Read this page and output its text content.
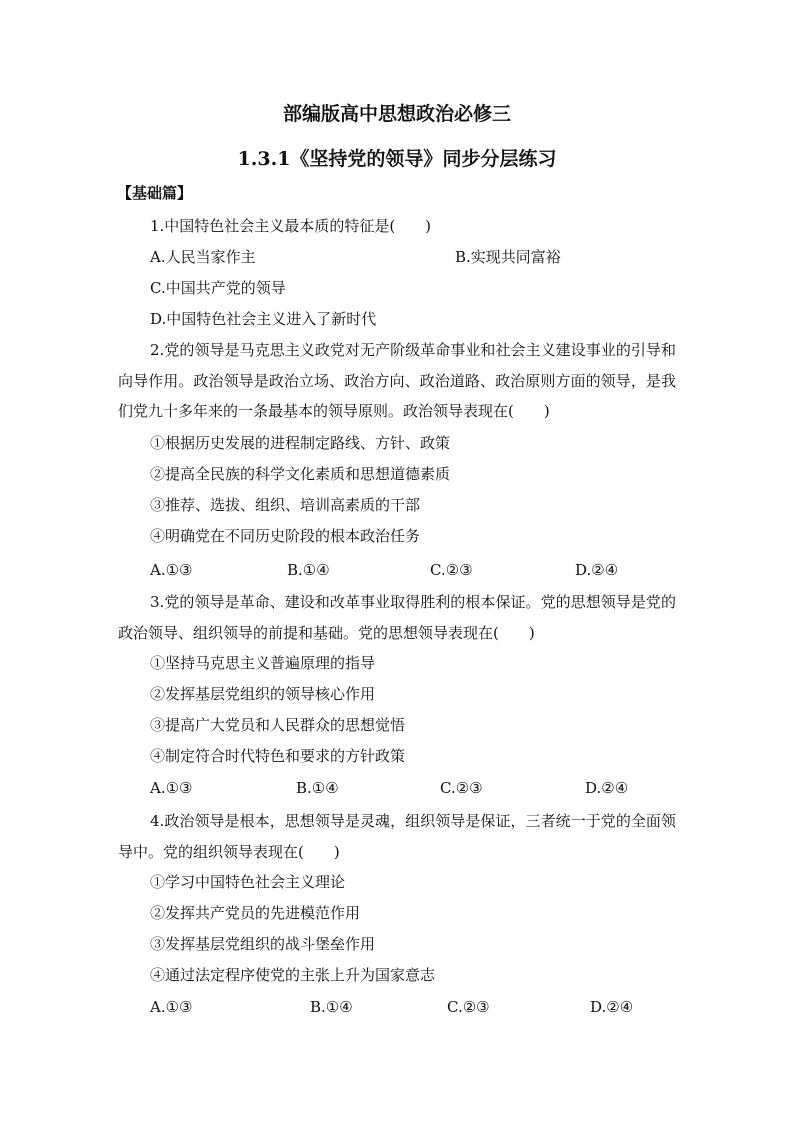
部编版高中思想政治必修三
1.3.1《坚持党的领导》同步分层练习
【基础篇】
1.中国特色社会主义最本质的特征是(　　)
A.人民当家作主	B.实现共同富裕
C.中国共产党的领导
D.中国特色社会主义进入了新时代
2.党的领导是马克思主义政党对无产阶级革命事业和社会主义建设事业的引导和向导作用。政治领导是政治立场、政治方向、政治道路、政治原则方面的领导，是我们党九十多年来的一条最基本的领导原则。政治领导表现在(　　)
①根据历史发展的进程制定路线、方针、政策
②提高全民族的科学文化素质和思想道德素质
③推荐、选拔、组织、培训高素质的干部
④明确党在不同历史阶段的根本政治任务
A.①③	B.①④	C.②③	D.②④
3.党的领导是革命、建设和改革事业取得胜利的根本保证。党的思想领导是党的政治领导、组织领导的前提和基础。党的思想领导表现在(　　)
①坚持马克思主义普遍原理的指导
②发挥基层党组织的领导核心作用
③提高广大党员和人民群众的思想觉悟
④制定符合时代特色和要求的方针政策
A.①③	B.①④	C.②③	D.②④
4.政治领导是根本，思想领导是灵魂，组织领导是保证，三者统一于党的全面领导中。党的组织领导表现在(　　)
①学习中国特色社会主义理论
②发挥共产党员的先进模范作用
③发挥基层党组织的战斗堡垒作用
④通过法定程序使党的主张上升为国家意志
A.①③	B.①④	C.②③	D.②④
